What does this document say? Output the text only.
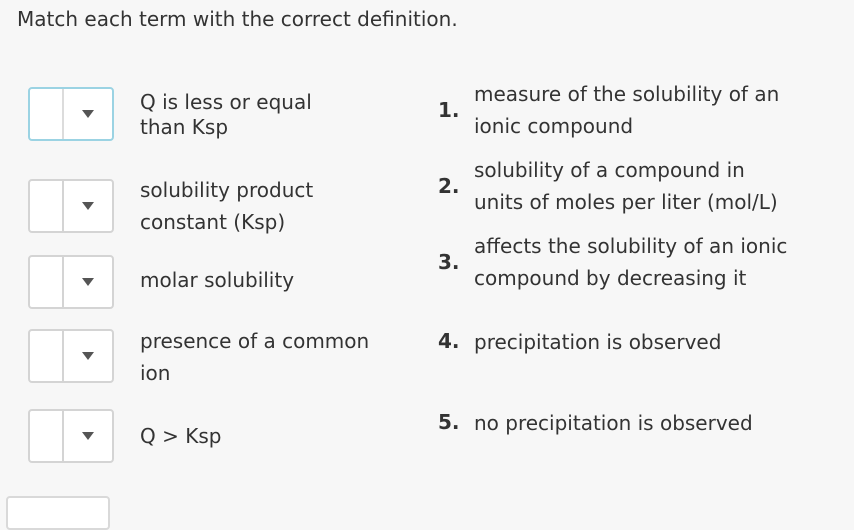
Match each term with the correct definition.
Q is less or equal
than Ksp
solubility product
constant (Ksp)
molar solubility
presence of a common
ion
Q > Ksp
1.
2.
3.
4.
5.
measure of the solubility of an
ionic compound
solubility of a compound in
units of moles per liter (mol/L)
affects the solubility of an ionic
compound by decreasing it
precipitation is observed
no precipitation is observed
